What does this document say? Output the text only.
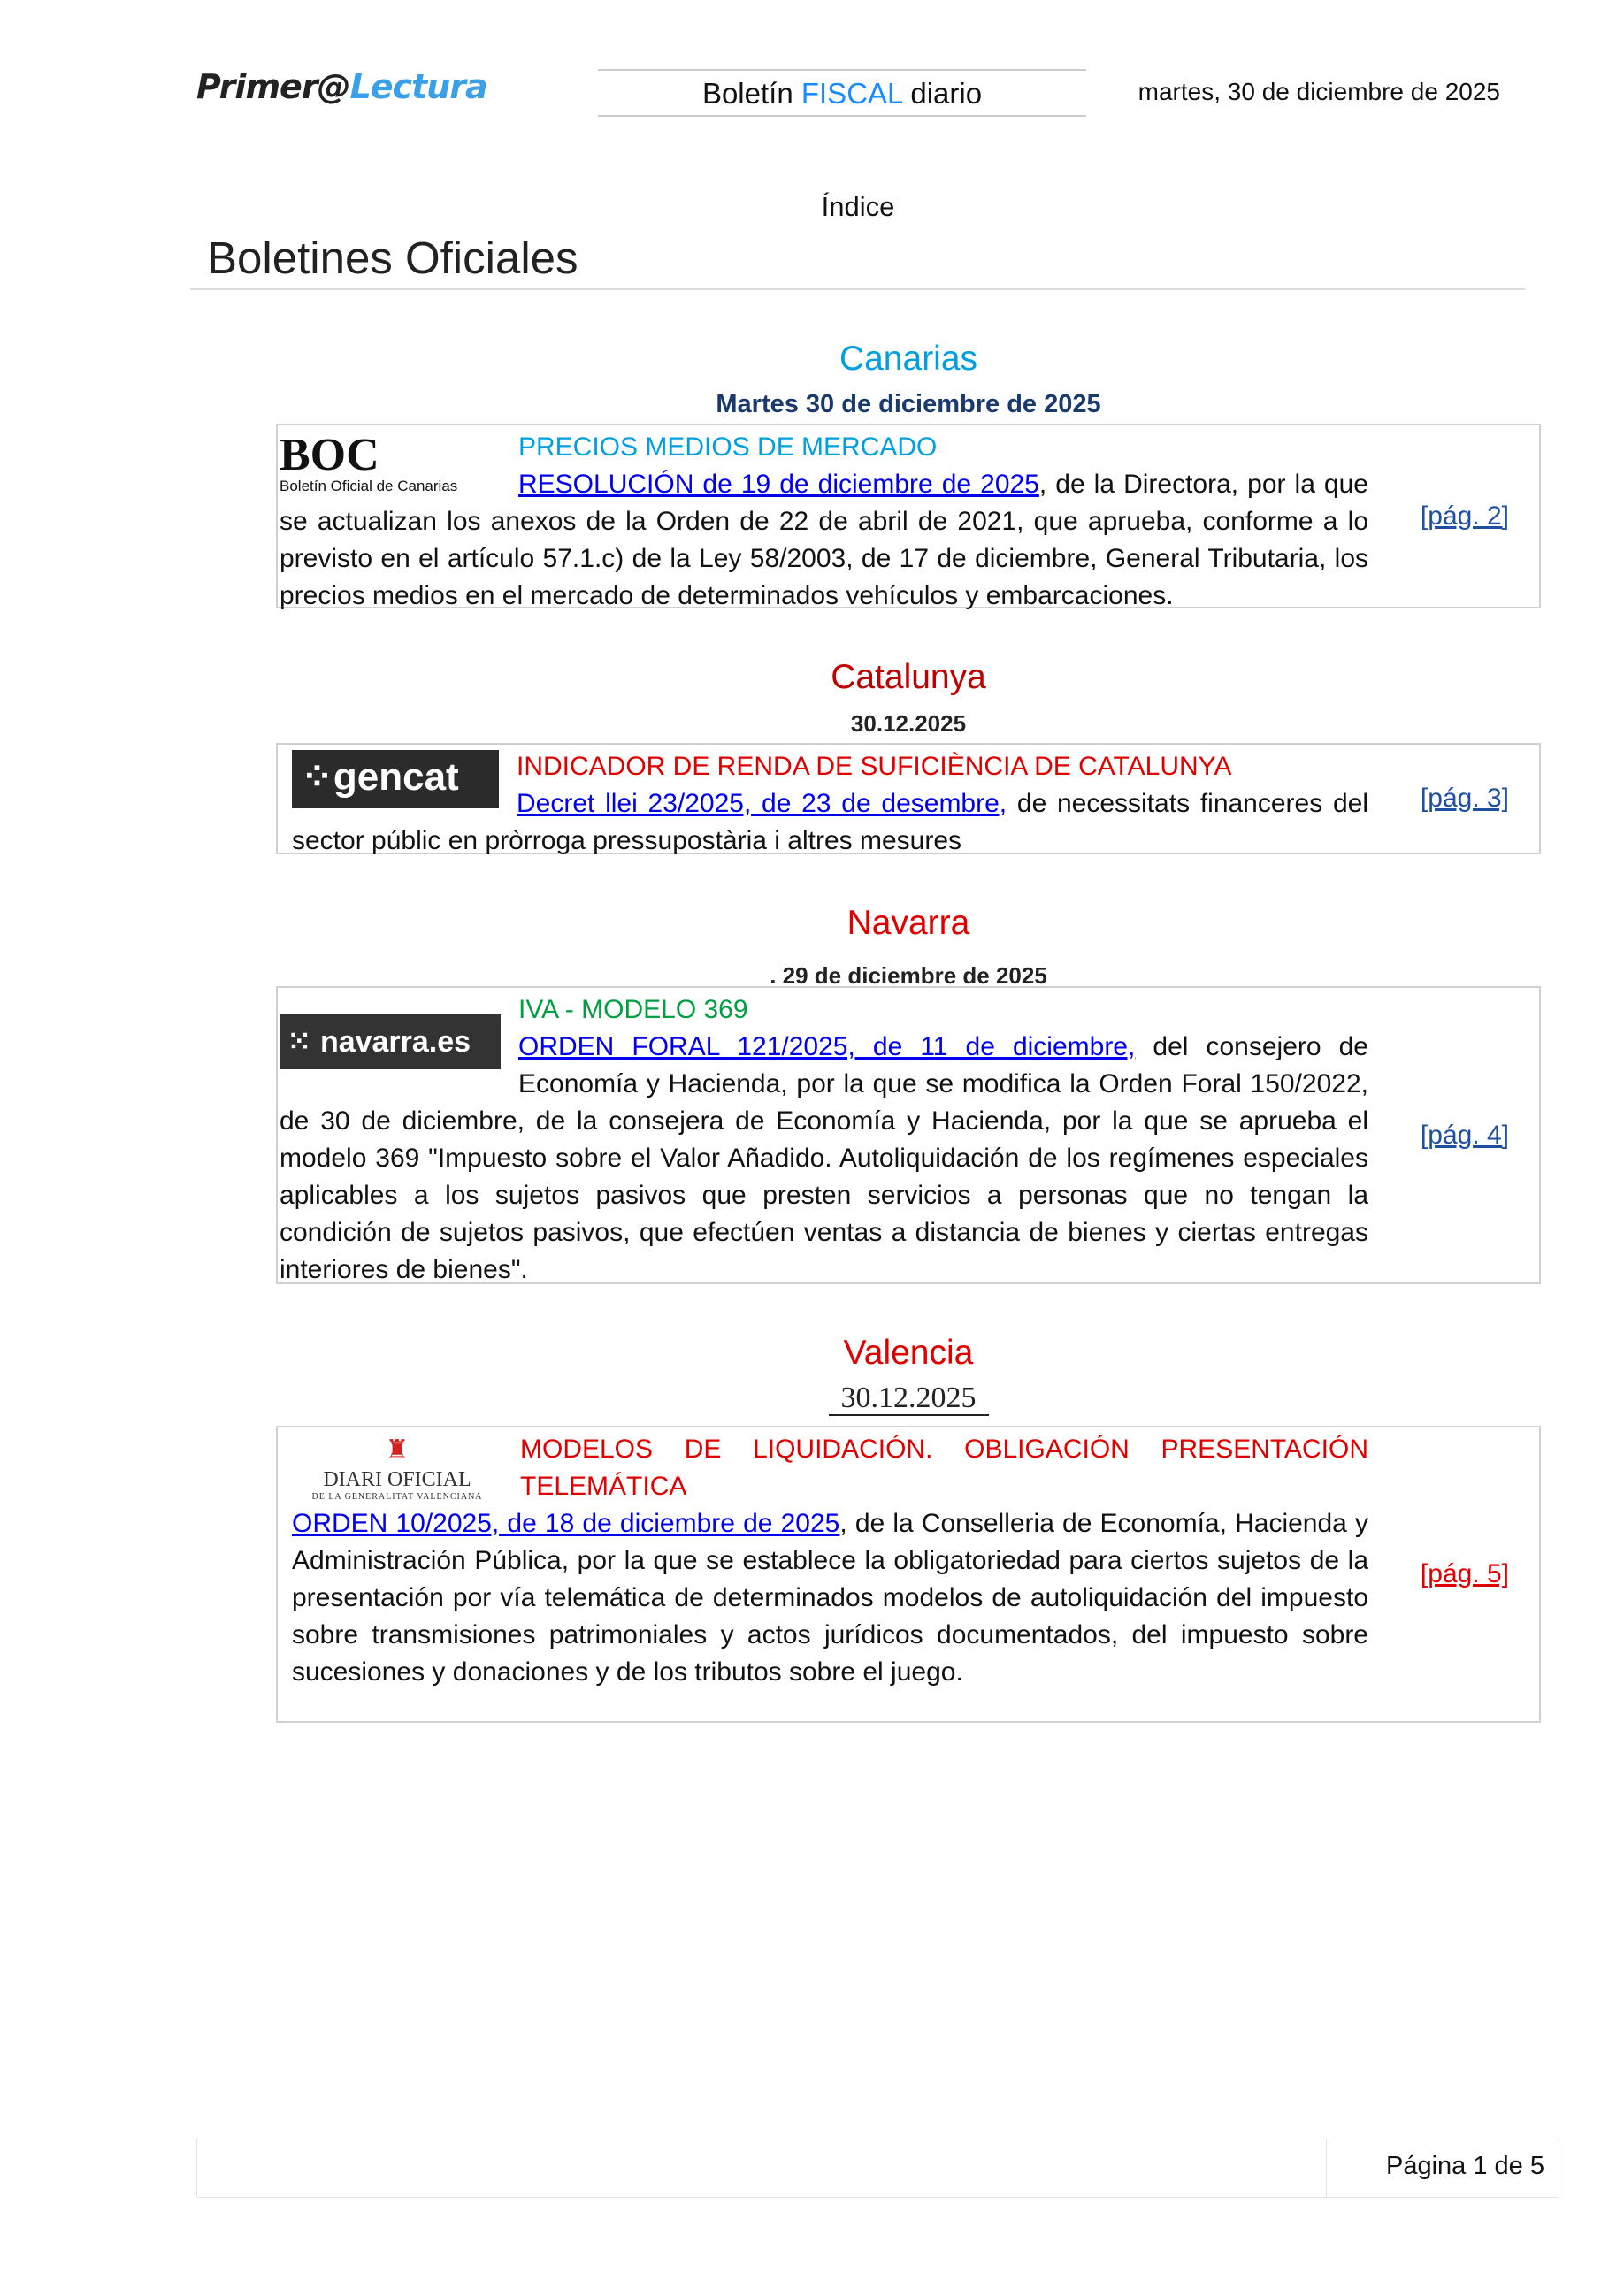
Primer@Lectura	Boletín FISCAL diario	martes, 30 de diciembre de 2025
Índice
Boletines Oficiales
Canarias
Martes 30 de diciembre de 2025
BOC
Boletín Oficial de Canarias
PRECIOS MEDIOS DE MERCADO
RESOLUCIÓN de 19 de diciembre de 2025, de la Directora, por la que se actualizan los anexos de la Orden de 22 de abril de 2021, que aprueba, conforme a lo previsto en el artículo 57.1.c) de la Ley 58/2003, de 17 de diciembre, General Tributaria, los precios medios en el mercado de determinados vehículos y embarcaciones.
[pág. 2]
Catalunya
30.12.2025
⁘gencat	INDICADOR DE RENDA DE SUFICIÈNCIA DE CATALUNYA
Decret llei 23/2025, de 23 de desembre, de necessitats financeres del sector públic en pròrroga pressupostària i altres mesures
[pág. 3]
Navarra
. 29 de diciembre de 2025
⁙ navarra.es
IVA - MODELO 369
ORDEN FORAL 121/2025, de 11 de diciembre, del consejero de Economía y Hacienda, por la que se modifica la Orden Foral 150/2022, de 30 de diciembre, de la consejera de Economía y Hacienda, por la que se aprueba el modelo 369 "Impuesto sobre el Valor Añadido. Autoliquidación de los regímenes especiales aplicables a los sujetos pasivos que presten servicios a personas que no tengan la condición de sujetos pasivos, que efectúen ventas a distancia de bienes y ciertas entregas interiores de bienes".
[pág. 4]
Valencia
30.12.2025
♜
DIARI OFICIAL
DE LA GENERALITAT VALENCIANA
MODELOS DE LIQUIDACIÓN. OBLIGACIÓN PRESENTACIÓN TELEMÁTICA
ORDEN 10/2025, de 18 de diciembre de 2025, de la Conselleria de Economía, Hacienda y Administración Pública, por la que se establece la obligatoriedad para ciertos sujetos de la presentación por vía telemática de determinados modelos de autoliquidación del impuesto sobre transmisiones patrimoniales y actos jurídicos documentados, del impuesto sobre sucesiones y donaciones y de los tributos sobre el juego.
[pág. 5]
Página 1 de 5
